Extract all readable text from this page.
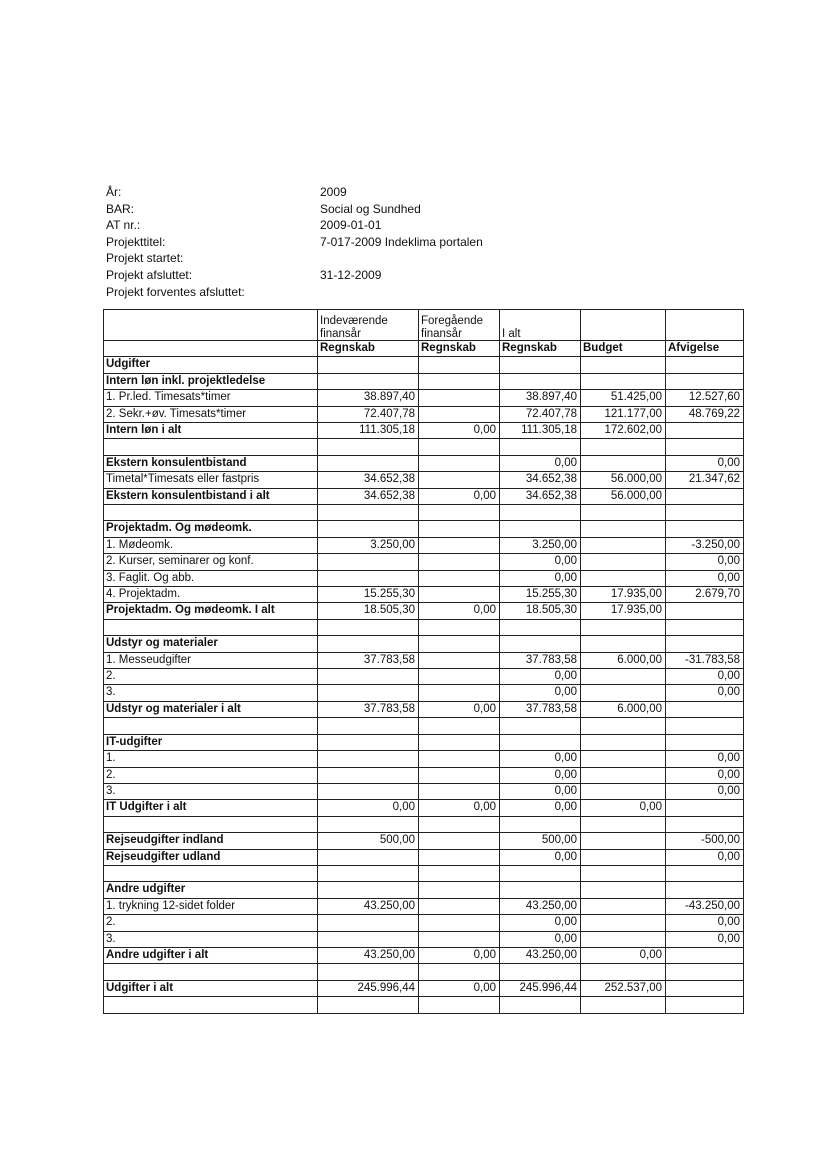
År:	2009
BAR:	Social og Sundhed
AT nr.:	2009-01-01
Projekttitel:	7-017-2009 Indeklima portalen
Projekt startet:
Projekt afsluttet:	31-12-2009
Projekt forventes afsluttet:
	Indeværende finansår	Foregående finansår	I alt		
	Regnskab	Regnskab	Regnskab	Budget	Afvigelse
Udgifter					
Intern løn inkl. projektledelse					
1. Pr.led. Timesats*timer	38.897,40		38.897,40	51.425,00	12.527,60
2. Sekr.+øv. Timesats*timer	72.407,78		72.407,78	121.177,00	48.769,22
Intern løn i alt	111.305,18	0,00	111.305,18	172.602,00	

Ekstern konsulentbistand			0,00		0,00
Timetal*Timesats eller fastpris	34.652,38		34.652,38	56.000,00	21.347,62
Ekstern konsulentbistand i alt	34.652,38	0,00	34.652,38	56.000,00	

Projektadm. Og mødeomk.					
1. Mødeomk.	3.250,00		3.250,00		-3.250,00
2. Kurser, seminarer og konf.			0,00		0,00
3. Faglit. Og abb.			0,00		0,00
4. Projektadm.	15.255,30		15.255,30	17.935,00	2.679,70
Projektadm. Og mødeomk. I alt	18.505,30	0,00	18.505,30	17.935,00	

Udstyr og materialer					
1. Messeudgifter	37.783,58		37.783,58	6.000,00	-31.783,58
2.			0,00		0,00
3.			0,00		0,00
Udstyr og materialer i alt	37.783,58	0,00	37.783,58	6.000,00	

IT-udgifter					
1.			0,00		0,00
2.			0,00		0,00
3.			0,00		0,00
IT Udgifter i alt	0,00	0,00	0,00	0,00	

Rejseudgifter indland	500,00		500,00		-500,00
Rejseudgifter udland			0,00		0,00

Andre udgifter					
1. trykning 12-sidet folder	43.250,00		43.250,00		-43.250,00
2.			0,00		0,00
3.			0,00		0,00
Andre udgifter i alt	43.250,00	0,00	43.250,00	0,00	

Udgifter i alt	245.996,44	0,00	245.996,44	252.537,00	
